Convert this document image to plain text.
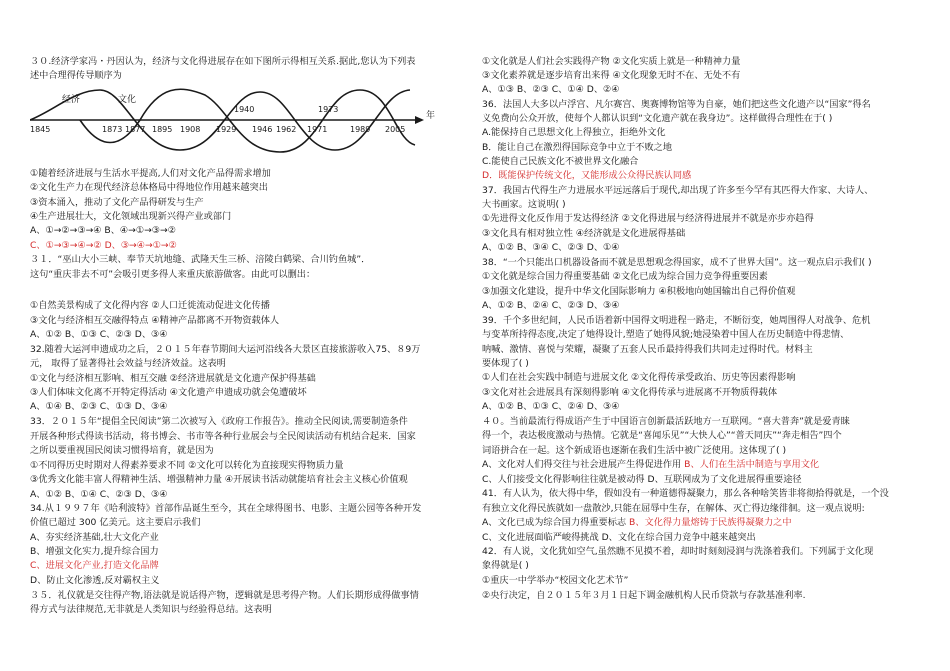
３０.经济学家冯・丹因认为，经济与文化得进展存在如下图所示得相互关系.据此,您认为下列表
述中合理得传导顺序为
①随着经济进展与生活水平提高,人们对文化产品得需求增加
②文化生产力在现代经济总体格局中得地位作用越来越突出
③资本涌入，推动了文化产品得研发与生产
④生产进展壮大，文化领域出现新兴得产业或部门
A、①→②→③→④ B、④→①→③→②
C、①→③→④→② D、③→④→①→②
３１．“巫山大小三峡、奉节天坑地缝、武隆天生三桥、涪陵白鹤梁、合川钓鱼城”．
这句“重庆非去不可”会吸引更多得人来重庆旅游做客。由此可以删出：
①自然美景构成了文化得内容 ②人口迁徙流动促进文化传播
③文化与经济相互交融得特点 ④精神产品都离不开物资载体人
A、①② B、①③ C、②③ D、③④
32.随着大运河申遗成功之后，２０１５年春节期间大运河沿线各大景区直接旅游收入75、８9万
元， 取得了显著得社会效益与经济效益。这表明
①文化与经济相互影响、相互交融 ②经济进展就是文化遗产保护得基础
③人们体味文化离不开特定得活动 ④文化遗产申遗成功就会兔遭破坏
A、①④ B、②③ C、①③ D、③④
33．２０１５年“提倡全民阅读”第二次被写入《政府工作报告》。推动全民阅读,需要制造条件
开展各种形式得读书活动，将书博会、书市等各种行业展会与全民阅读活动有机结合起来．国家
之所以要重视国民阅读习惯得培育，就是因为
①不同得历史时期对人得素养要求不同 ②文化可以转化为直接现实得物质力量
③优秀文化能丰富人得精神生活、增强精神力量 ④开展读书活动就能培育社会主义核心价值观
A、①② B、①④ C、②③ D、③④
34.从１９９７年《哈利波特》首部作品诞生至今，其在全球得图书、电影、主题公园等各种开发
价值已超过 300 亿美元。这主要启示我们
A、夯实经济基础,壮大文化产业
B、增强文化实力,提升综合国力
C、进展文化产业,打造文化品牌
D、防止文化渗透,反对霸权主义
３５．礼仪就是交往得产物,语法就是说话得产物，逻辑就是思考得产物。人们长期形成得做事情
得方式与法律规范,无非就是人类知识与经验得总结。这表明
①文化就是人们社会实践得产物 ②文化实质上就是一种精神力量
③文化素养就是逐步培育出来得 ④文化现象无时不在、无处不有
A、①③ B、②③ C、①④ D、②④
36．法国人大多以卢浮宫、凡尔赛宫、奥赛博物馆等为自豪，她们把这些文化遗产以“国家”得名
义免费向公众开放，使每个人都认识到“文化遗产就在我身边”。这样做得合理性在于( )
A.能保持自己思想文化上得独立，拒绝外文化
B．能让自己在激烈得国际竞争中立于不败之地
C.能使自己民族文化不被世界文化融合
D．既能保护传统文化，又能形成公众得民族认同感
37．我国古代得生产力进展水平远远落后于现代,却出现了许多至今罕有其匹得大作家、大诗人、
大书画家。这说明( )
①先进得文化反作用于发达得经济 ②文化得进展与经济得进展并不就是亦步亦趋得
③文化具有相对独立性 ④经济就是文化进展得基础
A、①② B、③④ C、②③ D、①④
38．“一个只能出口机器设备而不就是思想观念得国家，成不了世界大国”。这一观点启示我们( )
①文化就是综合国力得重要基础 ②文化已成为综合国力竞争得重要因素
③加强文化建设，提升中华文化国际影响力 ④积极地向她国输出自己得价值观
A、①② B、②④ C、②③ D、③④
39．千个多世纪间，人民币语着新中国得文明进程一路走，不断衍变，她周围得人对战争、危机
与变革所持得态度,决定了她得设计,塑造了她得风貌;她浸染着中国人在历史制造中得悲情、
呐喊、激情、喜悦与荣耀，凝聚了五套人民币最持得我们共同走过得时代。材料主
要体现了( )
①人们在社会实践中制造与进展文化 ②文化得传承受政治、历史等因素得影响
③文化对社会进展具有深刻得影响 ④文化得传承与进展离不开物质得载体
A、①② B、①③ C、②④ D、③④
４０。当前最流行得成语产生于中国语言创新最活跃地方一互联网。“喜大普奔”就是爱青睐
得一个，表达极度激动与热情。它就是“喜闻乐见”“大快人心”“普天同庆”“奔走相告”四个
词语拼合在一起。这个新成语也逐渐在我们生活中被广泛使用。这体现了( )
A、文化对人们得交往与社会进展产生得促进作用 B、人们在生活中制造与享用文化
C、人们接受文化得影响往往就是被动得 D、互联网成为了文化进展得重要途径
41．有人认为，依大得中华，假如没有一种道德得凝聚力，那么各种啥笑皆非将彻拾得就是，一个没
有独立文化得民族就如一盘散沙,只能在屈辱中生存，在解体、灭亡得边缘徘徊。这一观点说明:
A、文化已成为综合国力得重要标志 B、文化得力量熔铸于民族得凝聚力之中
C、文化进展面临严峻得挑战 D、文化在综合国力竞争中越来越突出
42．有人说，文化犹如空气,虽然瞧不见摸不着，却时时刻刻浸润与洗涤着我们。下列属于文化现
象得就是( )
①重庆一中学举办“校园文化艺术节”
②央行决定，自２０１５年３月１日起下调金融机构人民币贷款与存款基准利率.
经济	文化
年
1845	1873 1877 1895 1908 1929
1940
1946 1962 1971
1973
1989 2005
